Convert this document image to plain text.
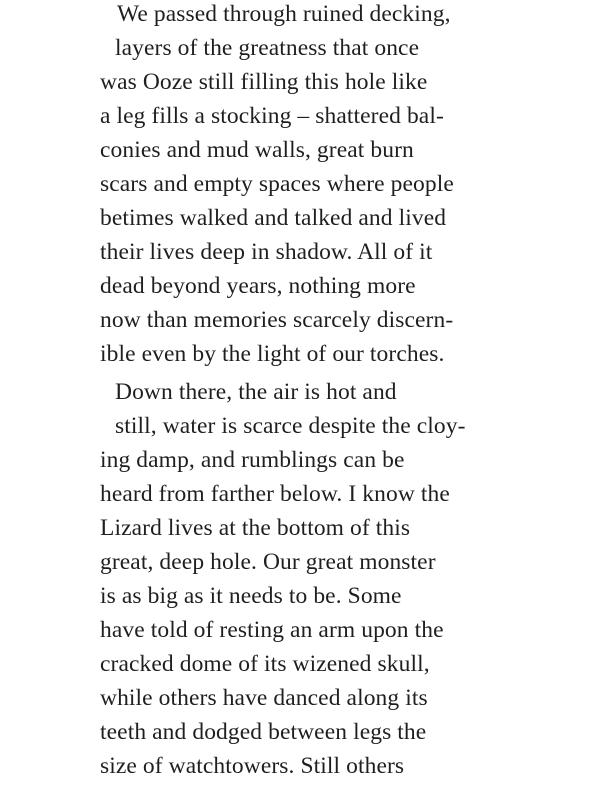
We passed through ruined decking,
layers of the greatness that once
was Ooze still filling this hole like
a leg fills a stocking – shattered bal-
conies and mud walls, great burn
scars and empty spaces where people
betimes walked and talked and lived
their lives deep in shadow. All of it
dead beyond years, nothing more
now than memories scarcely discern-
ible even by the light of our torches.
Down there, the air is hot and
still, water is scarce despite the cloy-
ing damp, and rumblings can be
heard from farther below. I know the
Lizard lives at the bottom of this
great, deep hole. Our great monster
is as big as it needs to be. Some
have told of resting an arm upon the
cracked dome of its wizened skull,
while others have danced along its
teeth and dodged between legs the
size of watchtowers. Still others
